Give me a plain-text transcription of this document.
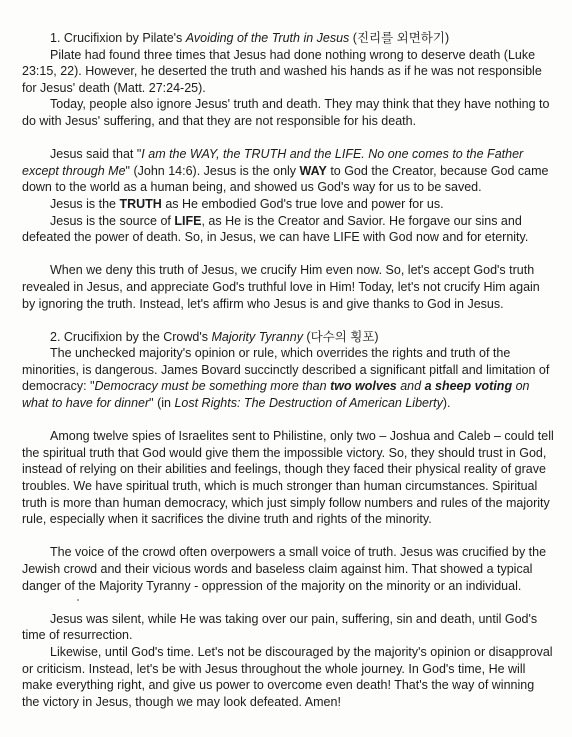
1. Crucifixion by Pilate's Avoiding of the Truth in Jesus (진리를 외면하기)

Pilate had found three times that Jesus had done nothing wrong to deserve death (Luke 23:15, 22). However, he deserted the truth and washed his hands as if he was not responsible for Jesus' death (Matt. 27:24-25).

Today, people also ignore Jesus' truth and death. They may think that they have nothing to do with Jesus' suffering, and that they are not responsible for his death.

Jesus said that "I am the WAY, the TRUTH and the LIFE. No one comes to the Father except through Me" (John 14:6). Jesus is the only WAY to God the Creator, because God came down to the world as a human being, and showed us God's way for us to be saved.

Jesus is the TRUTH as He embodied God's true love and power for us.

Jesus is the source of LIFE, as He is the Creator and Savior. He forgave our sins and defeated the power of death. So, in Jesus, we can have LIFE with God now and for eternity.

When we deny this truth of Jesus, we crucify Him even now. So, let's accept God's truth revealed in Jesus, and appreciate God's truthful love in Him! Today, let's not crucify Him again by ignoring the truth. Instead, let's affirm who Jesus is and give thanks to God in Jesus.

2. Crucifixion by the Crowd's Majority Tyranny (다수의 횡포)

The unchecked majority's opinion or rule, which overrides the rights and truth of the minorities, is dangerous. James Bovard succinctly described a significant pitfall and limitation of democracy: "Democracy must be something more than two wolves and a sheep voting on what to have for dinner" (in Lost Rights: The Destruction of American Liberty).

Among twelve spies of Israelites sent to Philistine, only two – Joshua and Caleb – could tell the spiritual truth that God would give them the impossible victory. So, they should trust in God, instead of relying on their abilities and feelings, though they faced their physical reality of grave troubles. We have spiritual truth, which is much stronger than human circumstances. Spiritual truth is more than human democracy, which just simply follow numbers and rules of the majority rule, especially when it sacrifices the divine truth and rights of the minority.

The voice of the crowd often overpowers a small voice of truth. Jesus was crucified by the Jewish crowd and their vicious words and baseless claim against him. That showed a typical danger of the Majority Tyranny - oppression of the majority on the minority or an individual.

Jesus was silent, while He was taking over our pain, suffering, sin and death, until God's time of resurrection.

Likewise, until God's time. Let's not be discouraged by the majority's opinion or disapproval or criticism. Instead, let's be with Jesus throughout the whole journey. In God's time, He will make everything right, and give us power to overcome even death! That's the way of winning the victory in Jesus, though we may look defeated. Amen!
